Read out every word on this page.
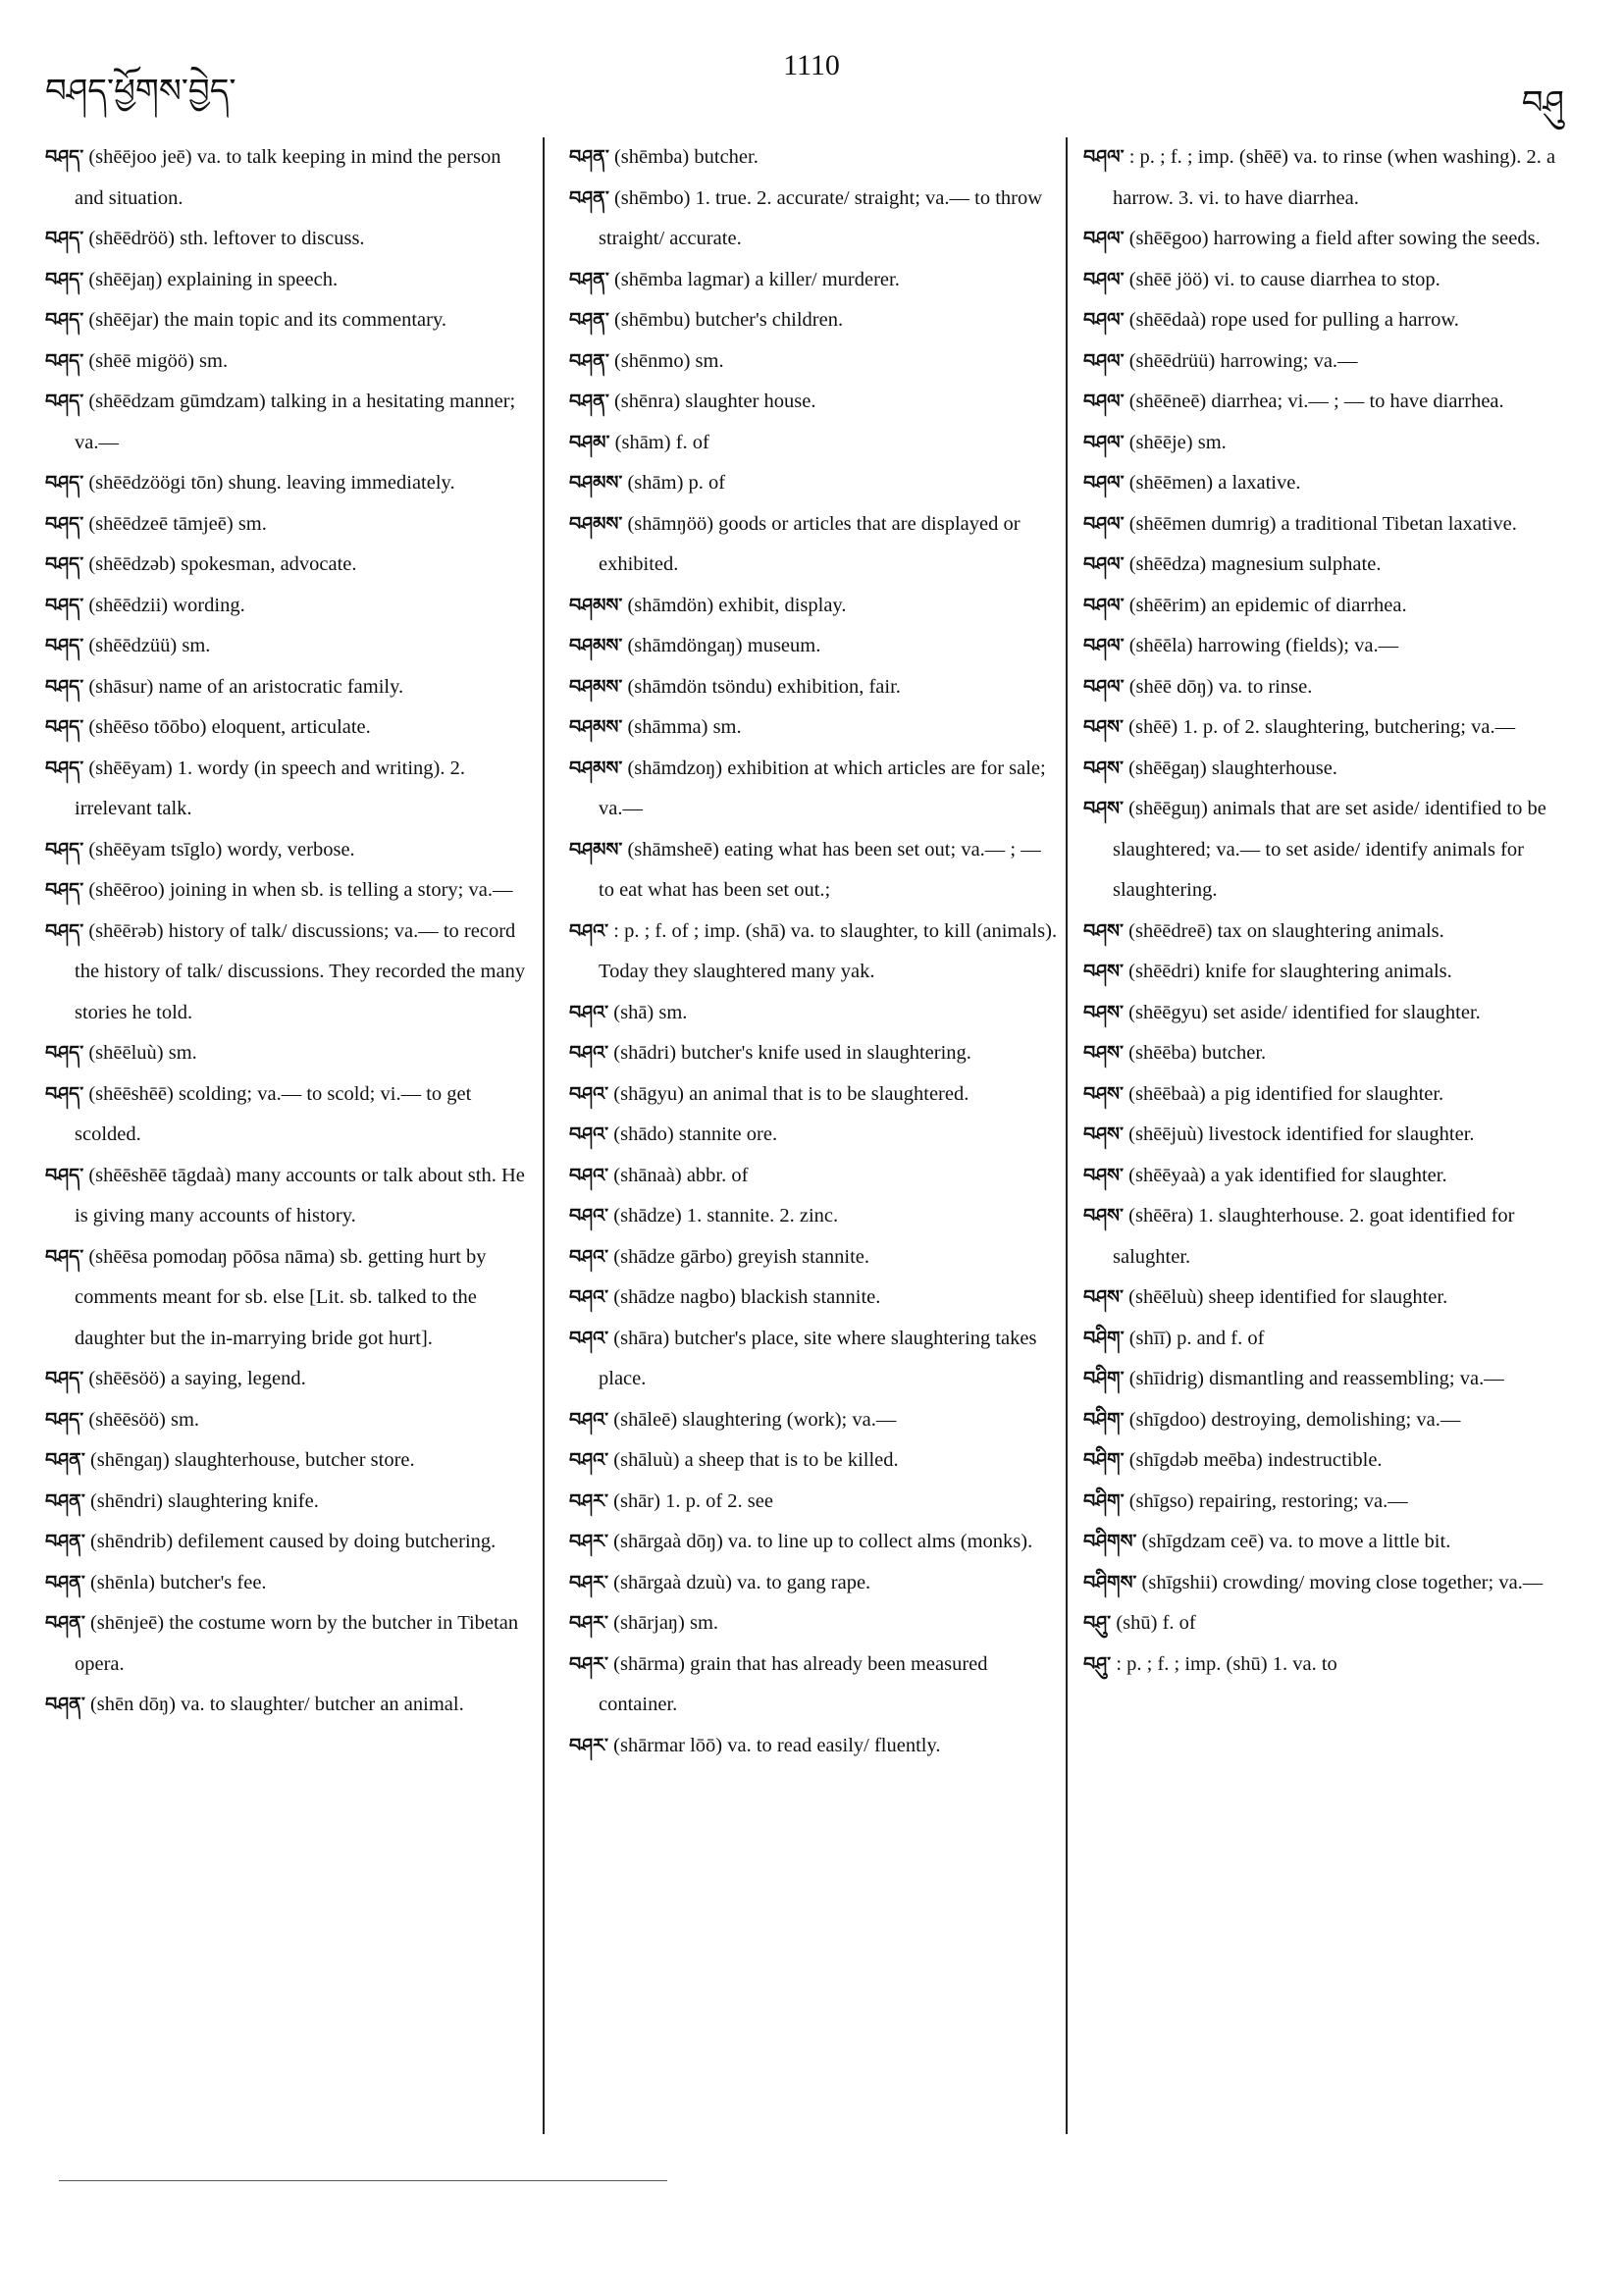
བཤད་ཕྱོགས་བྱེད་
1110
བཤུ

བཤད་ (shēējoo jeē) va. to talk keeping in mind the person and situation.

བཤད་ (shēēdröö) sth. leftover to discuss.

བཤད་ (shēējaŋ) explaining in speech.

བཤད་ (shēējar) the main topic and its commentary.

བཤད་ (shēē migöö) sm.

བཤད་ (shēēdzam gūmdzam) talking in a hesitating manner; va.—

བཤད་ (shēēdzöögi tōn) shung. leaving immediately.

བཤད་ (shēēdzeē tāmjeē) sm.

བཤད་ (shēēdzəb) spokesman, advocate.

བཤད་ (shēēdzii) wording.

བཤད་ (shēēdzüü) sm.

བཤད་ (shāsur) name of an aristocratic family.

བཤད་ (shēēso tōōbo) eloquent, articulate.

བཤད་ (shēēyam) 1. wordy (in speech and writing). 2. irrelevant talk.

བཤད་ (shēēyam tsīglo) wordy, verbose.

བཤད་ (shēēroo) joining in when sb. is telling a story; va.—

བཤད་ (shēērəb) history of talk/ discussions; va.— to record the history of talk/ discussions. They recorded the many stories he told.

བཤད་ (shēēluù) sm.

བཤད་ (shēēshēē) scolding; va.— to scold; vi.— to get scolded.

བཤད་ (shēēshēē tāgdaà) many accounts or talk about sth. He is giving many accounts of history.

བཤད་ (shēēsa pomodaŋ pōōsa nāma) sb. getting hurt by comments meant for sb. else [Lit. sb. talked to the daughter but the in-marrying bride got hurt].

བཤད་ (shēēsöö) a saying, legend.

བཤད་ (shēēsöö) sm.

བཤན་ (shēngaŋ) slaughterhouse, butcher store.

བཤན་ (shēndri) slaughtering knife.

བཤན་ (shēndrib) defilement caused by doing butchering.

བཤན་ (shēnla) butcher's fee.

བཤན་ (shēnjeē) the costume worn by the butcher in Tibetan opera.

བཤན་ (shēn dōŋ) va. to slaughter/ butcher an animal.

བཤན་ (shēmba) butcher.

བཤན་ (shēmbo) 1. true. 2. accurate/ straight; va.— to throw straight/ accurate.

བཤན་ (shēmba lagmar) a killer/ murderer.

བཤན་ (shēmbu) butcher's children.

བཤན་ (shēnmo) sm.

བཤན་ (shēnra) slaughter house.

བཤམ་ (shām) f. of

བཤམས་ (shām) p. of

བཤམས་ (shāmŋöö) goods or articles that are displayed or exhibited.

བཤམས་ (shāmdön) exhibit, display.

བཤམས་ (shāmdöngaŋ) museum.

བཤམས་ (shāmdön tsöndu) exhibition, fair.

བཤམས་ (shāmma) sm.

བཤམས་ (shāmdzoŋ) exhibition at which articles are for sale; va.—

བཤམས་ (shāmsheē) eating what has been set out; va.— ; — to eat what has been set out.;

བཤའ་ : p. ; f. of ; imp. (shā) va. to slaughter, to kill (animals). Today they slaughtered many yak.

བཤའ་ (shā) sm.

བཤའ་ (shādri) butcher's knife used in slaughtering.

བཤའ་ (shāgyu) an animal that is to be slaughtered.

བཤའ་ (shādo) stannite ore.

བཤའ་ (shānaà) abbr. of

བཤའ་ (shādze) 1. stannite. 2. zinc.

བཤའ་ (shādze gārbo) greyish stannite.

བཤའ་ (shādze nagbo) blackish stannite.

བཤའ་ (shāra) butcher's place, site where slaughtering takes place.

བཤའ་ (shāleē) slaughtering (work); va.—

བཤའ་ (shāluù) a sheep that is to be killed.

བཤར་ (shār) 1. p. of 2. see

བཤར་ (shārgaà dōŋ) va. to line up to collect alms (monks).

བཤར་ (shārgaà dzuù) va. to gang rape.

བཤར་ (shārjaŋ) sm.

བཤར་ (shārma) grain that has already been measured container.

བཤར་ (shārmar lōō) va. to read easily/ fluently.

བཤལ་ : p. ; f. ; imp. (shēē) va. to rinse (when washing). 2. a harrow. 3. vi. to have diarrhea.

བཤལ་ (shēēgoo) harrowing a field after sowing the seeds.

བཤལ་ (shēē jöö) vi. to cause diarrhea to stop.

བཤལ་ (shēēdaà) rope used for pulling a harrow.

བཤལ་ (shēēdrüü) harrowing; va.—

བཤལ་ (shēēneē) diarrhea; vi.— ; — to have diarrhea.

བཤལ་ (shēēje) sm.

བཤལ་ (shēēmen) a laxative.

བཤལ་ (shēēmen dumrig) a traditional Tibetan laxative.

བཤལ་ (shēēdza) magnesium sulphate.

བཤལ་ (shēērim) an epidemic of diarrhea.

བཤལ་ (shēēla) harrowing (fields); va.—

བཤལ་ (shēē dōŋ) va. to rinse.

བཤས་ (shēē) 1. p. of 2. slaughtering, butchering; va.—

བཤས་ (shēēgaŋ) slaughterhouse.

བཤས་ (shēēguŋ) animals that are set aside/ identified to be slaughtered; va.— to set aside/ identify animals for slaughtering.

བཤས་ (shēēdreē) tax on slaughtering animals.

བཤས་ (shēēdri) knife for slaughtering animals.

བཤས་ (shēēgyu) set aside/ identified for slaughter.

བཤས་ (shēēba) butcher.

བཤས་ (shēēbaà) a pig identified for slaughter.

བཤས་ (shēējuù) livestock identified for slaughter.

བཤས་ (shēēyaà) a yak identified for slaughter.

བཤས་ (shēēra) 1. slaughterhouse. 2. goat identified for salughter.

བཤས་ (shēēluù) sheep identified for slaughter.

བཤིག་ (shīī) p. and f. of

བཤིག་ (shīidrig) dismantling and reassembling; va.—

བཤིག་ (shīgdoo) destroying, demolishing; va.—

བཤིག་ (shīgdəb meēba) indestructible.

བཤིག་ (shīgso) repairing, restoring; va.—

བཤིགས་ (shīgdzam ceē) va. to move a little bit.

བཤིགས་ (shīgshii) crowding/ moving close together; va.—

བཤུ་ (shū) f. of

བཤུ་ : p. ; f. ; imp. (shū) 1. va. to
